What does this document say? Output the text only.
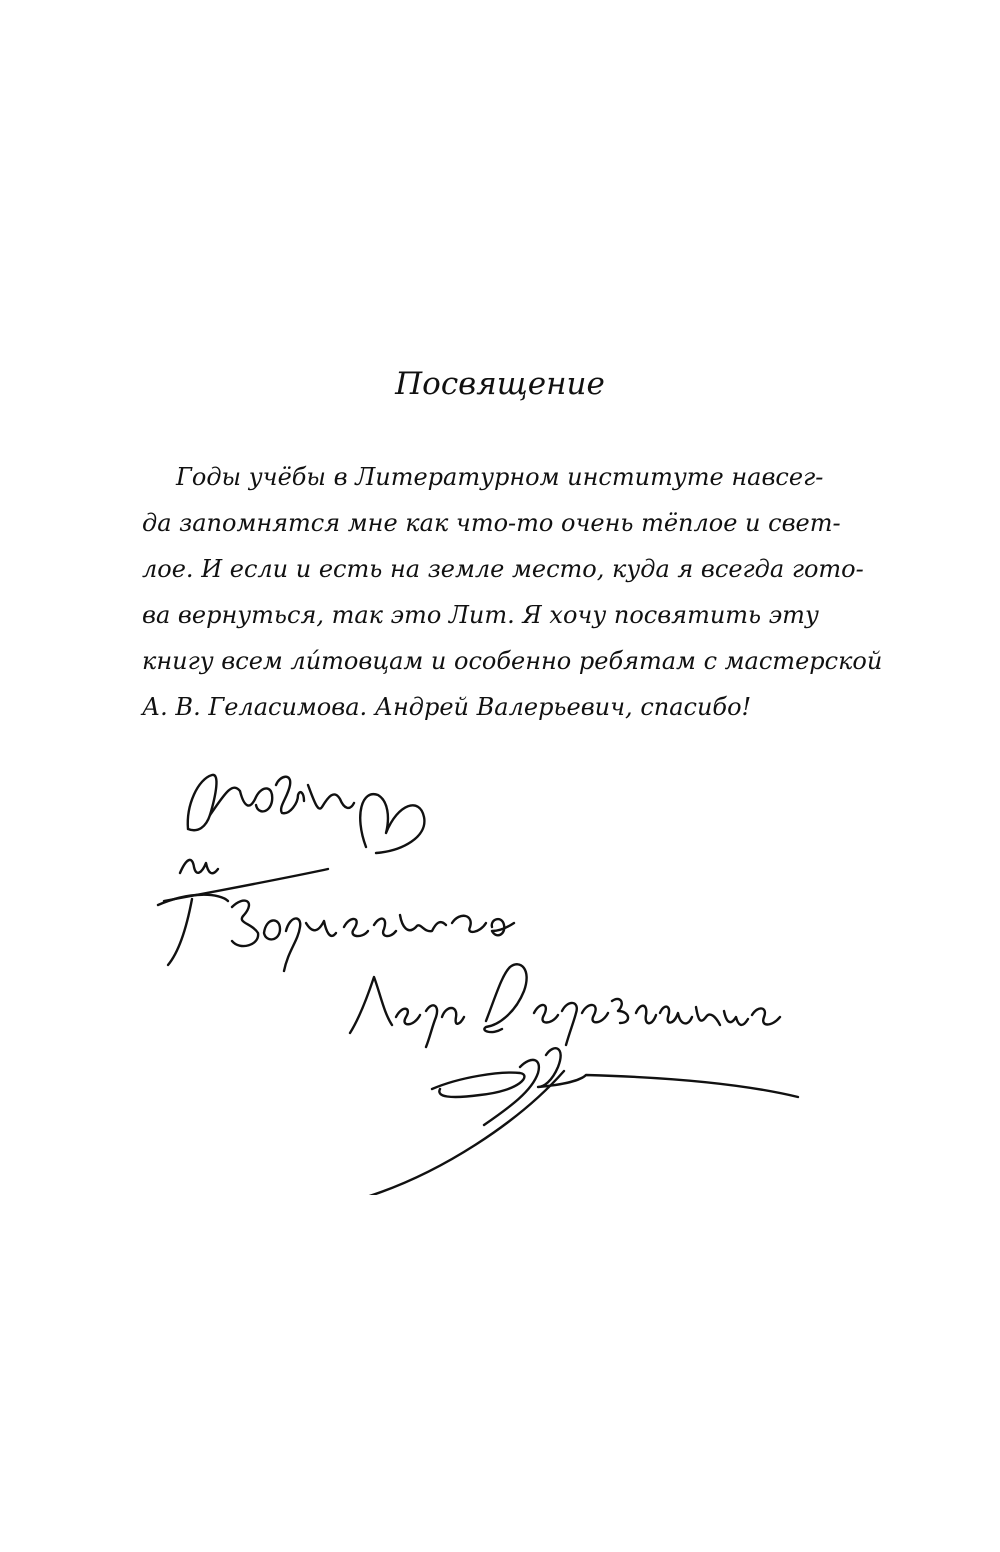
Посвящение
Годы учёбы в Литературном институте навсег-
да запомнятся мне как что-то очень тёплое и свет-
лое. И если и есть на земле место, куда я всегда гото-
ва вернуться, так это Лит. Я хочу посвятить эту
книгу всем ли́товцам и особенно ребятам с мастерской
А. В. Геласимова. Андрей Валерьевич, спасибо!
